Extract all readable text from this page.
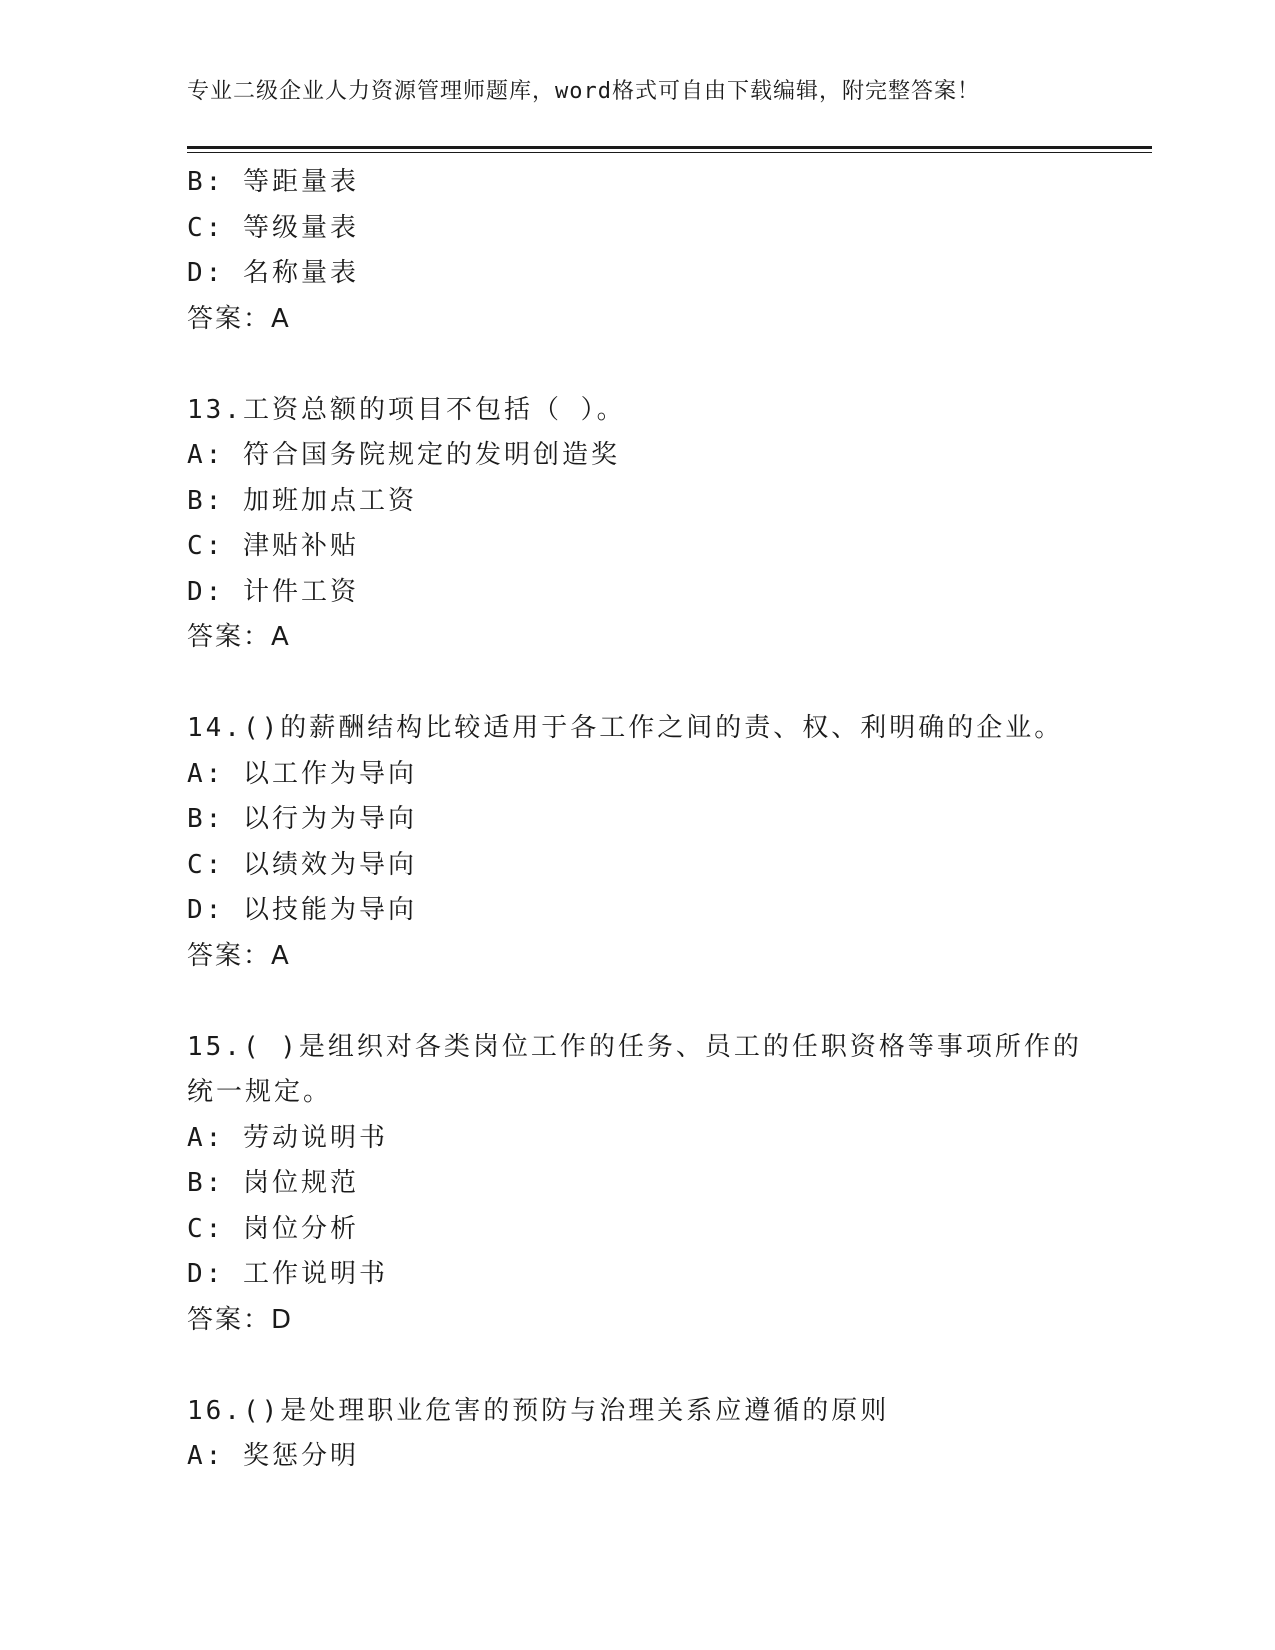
专业二级企业人力资源管理师题库，word格式可自由下载编辑，附完整答案！
B: 等距量表
C: 等级量表
D: 名称量表
答案：A
13.工资总额的项目不包括（ ）。
A: 符合国务院规定的发明创造奖
B: 加班加点工资
C: 津贴补贴
D: 计件工资
答案：A
14.()的薪酬结构比较适用于各工作之间的责、权、利明确的企业。
A: 以工作为导向
B: 以行为为导向
C: 以绩效为导向
D: 以技能为导向
答案：A
15.( )是组织对各类岗位工作的任务、员工的任职资格等事项所作的
统一规定。
A: 劳动说明书
B: 岗位规范
C: 岗位分析
D: 工作说明书
答案：D
16.()是处理职业危害的预防与治理关系应遵循的原则
A: 奖惩分明
